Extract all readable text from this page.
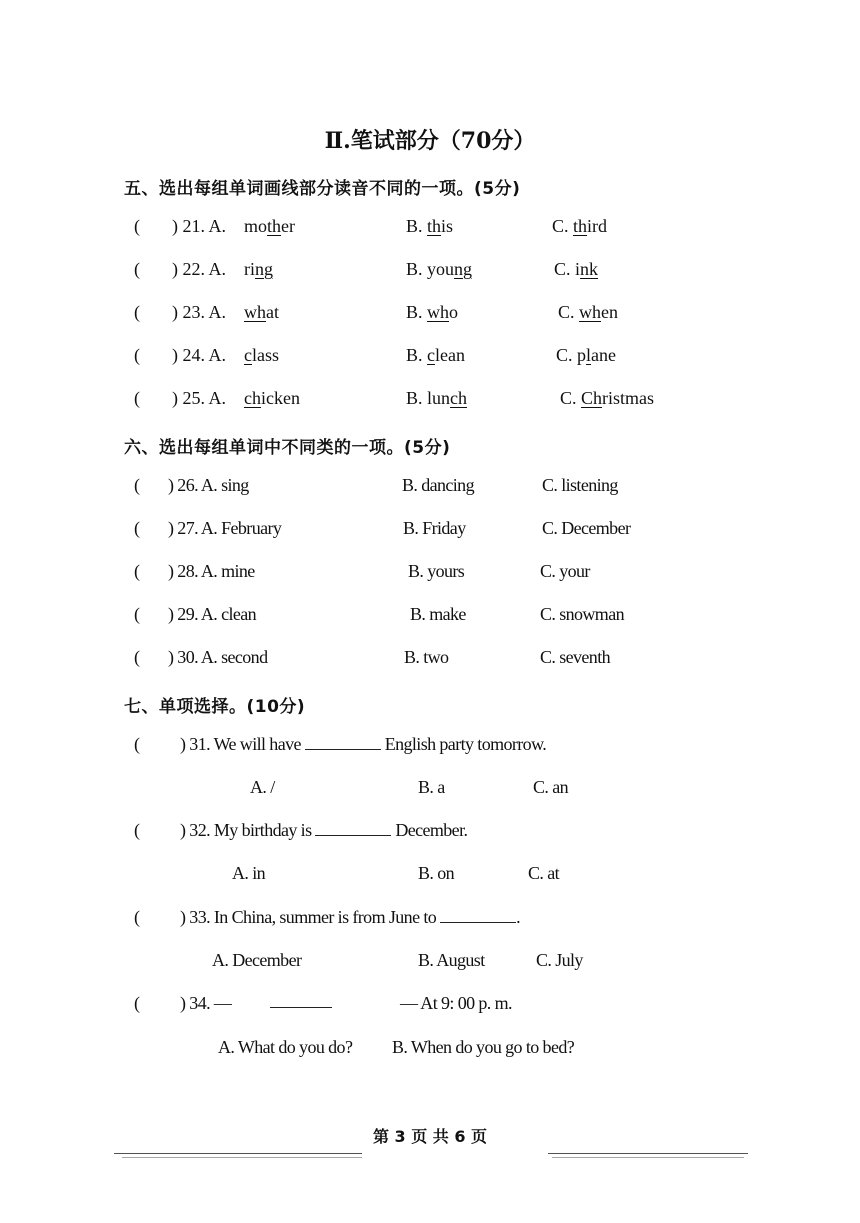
Ⅱ.笔试部分（70分）
五、选出每组单词画线部分读音不同的一项。(5分)
( ) 21. A. mother	B. this	C. third
( ) 22. A. ring	B. young	C. ink
( ) 23. A. what	B. who	C. when
( ) 24. A. class	B. clean	C. plane
( ) 25. A. chicken	B. lunch	C. Christmas
六、选出每组单词中不同类的一项。(5分)
( ) 26. A. sing	B. dancing	C. listening
( ) 27. A. February	B. Friday	C. December
( ) 28. A. mine	B. yours	C. your
( ) 29. A. clean	B. make	C. snowman
( ) 30. A. second	B. two	C. seventh
七、单项选择。(10分)
( ) 31. We will have	English party tomorrow.
A. /	B. a	C. an
( ) 32. My birthday is	December.
A. in	B. on	C. at
( ) 33. In China, summer is from June to	.
A. December	B. August	C. July
( ) 34. —	— At 9: 00 p. m.
A. What do you do? B. When do you go to bed?
第 3 页 共 6 页
